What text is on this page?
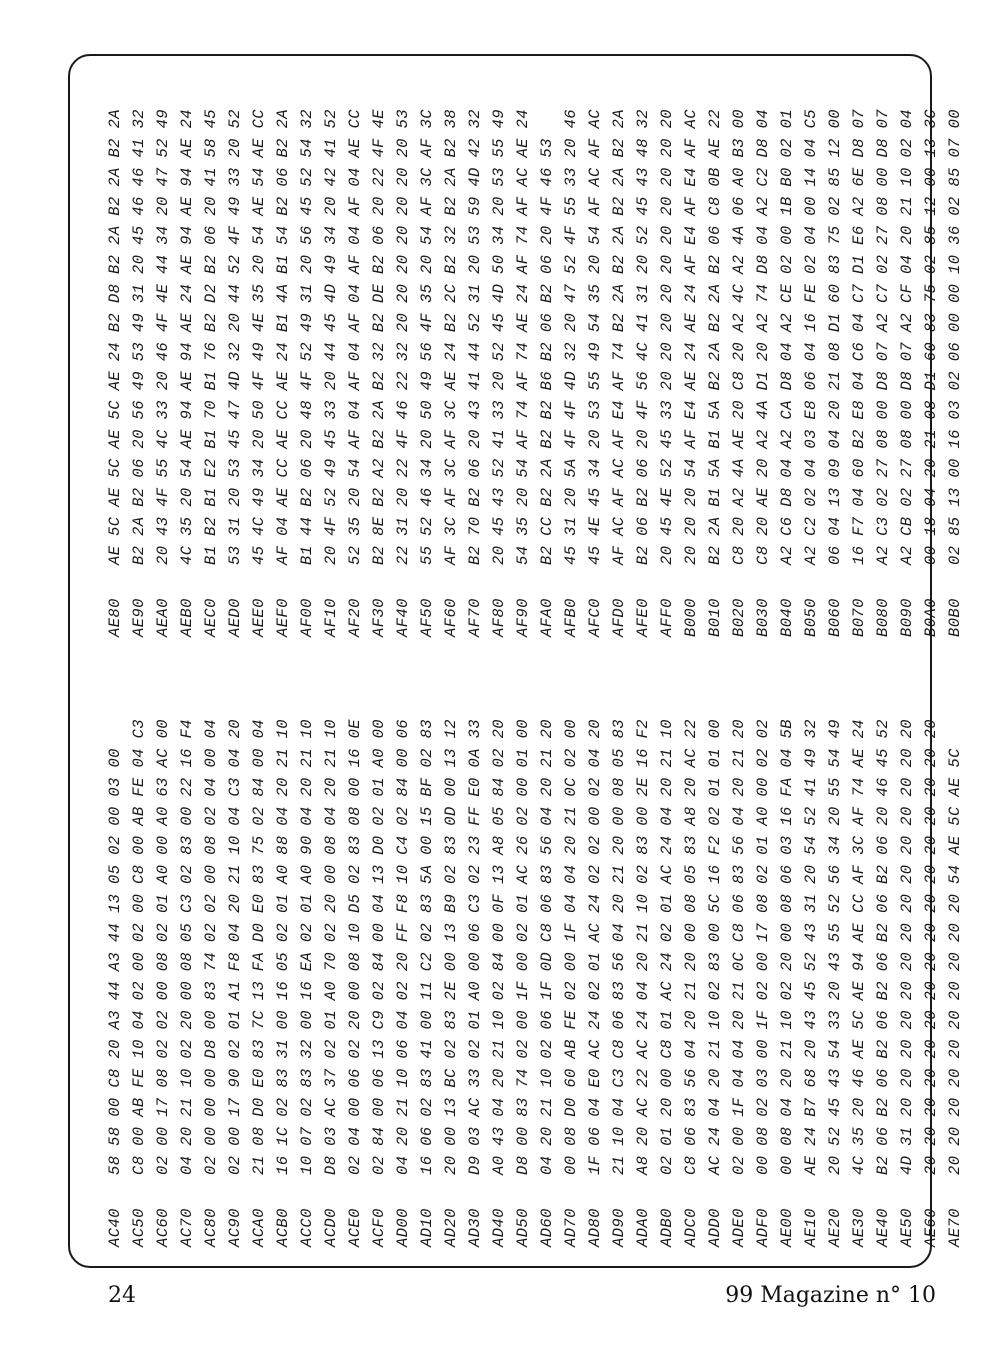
AC4058 58 00 C8 20 A3 44 A3 44 13 05 02 00 03 00
AC50C8 00 AB FE 10 04 02 00 02 00 C8 00 AB FE 04 C3
AC6002 00 17 08 02 02 00 08 02 01 A0 00 A0 63 AC 00
AC7004 20 21 10 02 20 00 08 05 C3 02 83 00 22 16 F4
AC8002 00 00 00 D8 00 83 74 02 02 00 08 02 04 00 04
AC9002 00 17 90 02 01 A1 F8 04 20 21 10 04 C3 04 20
ACA021 08 D0 E0 83 7C 13 FA D0 E0 83 75 02 84 00 04
ACB016 1C 02 83 31 00 16 05 02 01 A0 88 04 20 21 10
ACC010 07 02 83 32 00 16 EA 02 01 A0 90 04 20 21 10
ACD0D8 03 AC 37 02 01 A0 70 02 20 00 08 04 20 21 10
ACE002 04 00 06 02 20 00 08 10 D5 02 83 08 00 16 0E
ACF002 84 00 06 13 C9 02 84 00 04 13 D0 02 01 A0 00
AD0004 20 21 10 06 04 02 20 FF F8 10 C4 02 84 00 06
AD1016 06 02 83 41 00 11 C2 02 83 5A 00 15 BF 02 83
AD2020 00 13 BC 02 83 2E 00 13 B9 02 83 0D 00 13 12
AD30D9 03 AC 33 02 01 A0 00 06 C3 02 23 FF E0 0A 33
AD40A0 43 04 20 21 10 02 84 00 0F 13 A8 05 84 02 20
AD50D8 00 83 74 02 00 1F 00 02 01 AC 26 02 00 01 00
AD6004 20 21 10 02 06 1F 0D C8 06 83 56 04 20 21 20
AD7000 08 D0 60 AB FE 02 00 1F 04 04 20 21 0C 02 00
AD801F 06 04 E0 AC 24 02 01 AC 24 02 02 00 02 04 20
AD9021 10 04 C3 C8 06 83 56 04 20 21 20 00 08 05 83
ADA0A8 20 AC 22 AC 24 04 20 21 10 02 83 00 2E 16 F2
ADB002 01 20 00 C8 01 AC 24 02 01 AC 24 04 20 21 10
ADC0C8 06 83 56 04 20 21 20 00 08 05 83 A8 20 AC 22
ADD0AC 24 04 20 21 10 02 83 00 5C 16 F2 02 01 01 00
ADE002 00 1F 04 04 20 21 0C C8 06 83 56 04 20 21 20
ADF000 08 02 03 00 1F 02 00 17 08 02 01 A0 00 02 02
AE0000 08 04 20 21 10 02 20 00 08 06 03 16 FA 04 5B
AE10AE 24 B7 68 20 43 45 52 43 31 20 54 52 41 49 32
AE2020 52 45 43 54 33 20 43 55 52 56 34 20 55 54 49
AE304C 35 20 46 AE 5C AE 94 AE CC AF 3C AF 74 AE 24
AE40B2 06 B2 06 B2 06 B2 06 B2 06 B2 06 20 46 45 52
AE504D 31 20 20 20 20 20 20 20 20 20 20 20 20 20 20
AE6020 20 20 20 20 20 20 20 20 20 20 20 20 20 20 20
AE7020 20 20 20 20 20 20 20 20 20 54 AE 5C AE 5C
AE80AE 5C AE 5C AE 5C AE 24 B2 D8 B2 2A B2 2A B2 2A
AE90B2 2A B2 06 20 56 49 53 49 31 20 45 46 46 41 32
AEA020 43 4F 55 4C 33 20 46 4F 4E 44 34 20 47 52 49
AEB04C 35 20 54 AE 94 AE 94 AE 24 AE 94 AE 94 AE 24
AEC0B1 B2 B1 E2 B1 70 B1 76 B2 D2 B2 06 20 41 58 45
AED053 31 20 53 45 47 4D 32 20 44 52 4F 49 33 20 52
AEE045 4C 49 34 20 50 4F 49 4E 35 20 54 AE 54 AE CC
AEF0AF 04 AE CC AE CC AE 24 B1 4A B1 54 B2 06 B2 2A
AF00B1 44 B2 06 20 48 4F 52 49 31 20 56 45 52 54 32
AF1020 4F 52 49 45 33 20 44 45 4D 49 34 20 42 41 52
AF2052 35 20 54 AF 04 AF 04 AF 04 AF 04 AF 04 AE CC
AF30B2 8E B2 A2 B2 2A B2 32 B2 DE B2 06 20 22 4F 4E
AF4022 31 20 22 4F 46 22 32 20 20 20 20 20 20 20 53
AF5055 52 46 34 20 50 49 56 4F 35 20 54 AF 3C AF 3C
AF60AF 3C AF 3C AF 3C AE 24 B2 2C B2 32 B2 2A B2 38
AF70B2 70 B2 06 20 43 41 44 52 31 20 53 59 4D 42 32
AF8020 45 43 52 41 33 20 52 45 4D 50 34 20 53 55 49
AF9054 35 20 54 AF 74 AF 74 AE 24 AF 74 AF AC AE 24
AFA0B2 CC B2 2A B2 B2 B6 B2 06 B2 06 20 4F 46 53
AFB045 31 20 5A 4F 4F 4D 32 20 47 52 4F 55 33 20 46
AFC045 4E 45 34 20 53 55 49 54 35 20 54 AF AC AF AC
AFD0AF AC AF AC AF E4 AF 74 B2 2A B2 2A B2 2A B2 2A
AFE0B2 06 B2 06 20 4F 56 4C 41 31 20 52 45 43 48 32
AFF020 45 4E 52 45 33 20 20 20 20 20 20 20 20 20 20
B00020 20 20 54 AF E4 AE 24 AE 24 AF E4 AF E4 AF AC
B010B2 2A B1 5A B1 5A B2 2A B2 2A B2 06 C8 0B AE 22
B020C8 20 A2 4A AE 20 C8 20 A2 4C A2 4A 06 A0 B3 00
B030C8 20 AE 20 A2 4A D1 20 A2 74 D8 04 A2 C2 D8 04
B040A2 C6 D8 04 A2 CA D8 04 A2 CE 02 00 1B B0 02 01
B050A2 C2 02 04 03 E8 06 04 16 FE 02 04 00 14 04 C5
B06006 04 13 09 04 20 21 08 D1 60 83 75 02 85 12 00
B07016 F7 04 60 B2 E8 04 C6 04 C7 D1 E6 A2 6E D8 07
B080A2 C3 02 27 08 00 D8 07 A2 C7 02 27 08 00 D8 07
B090A2 CB 02 27 08 00 D8 07 A2 CF 04 20 21 10 02 04
B0A000 18 04 20 21 08 D1 60 83 75 02 85 12 00 13 3C
B0B002 85 13 00 16 03 02 06 00 00 10 36 02 85 07 00
24	99 Magazine n° 10
